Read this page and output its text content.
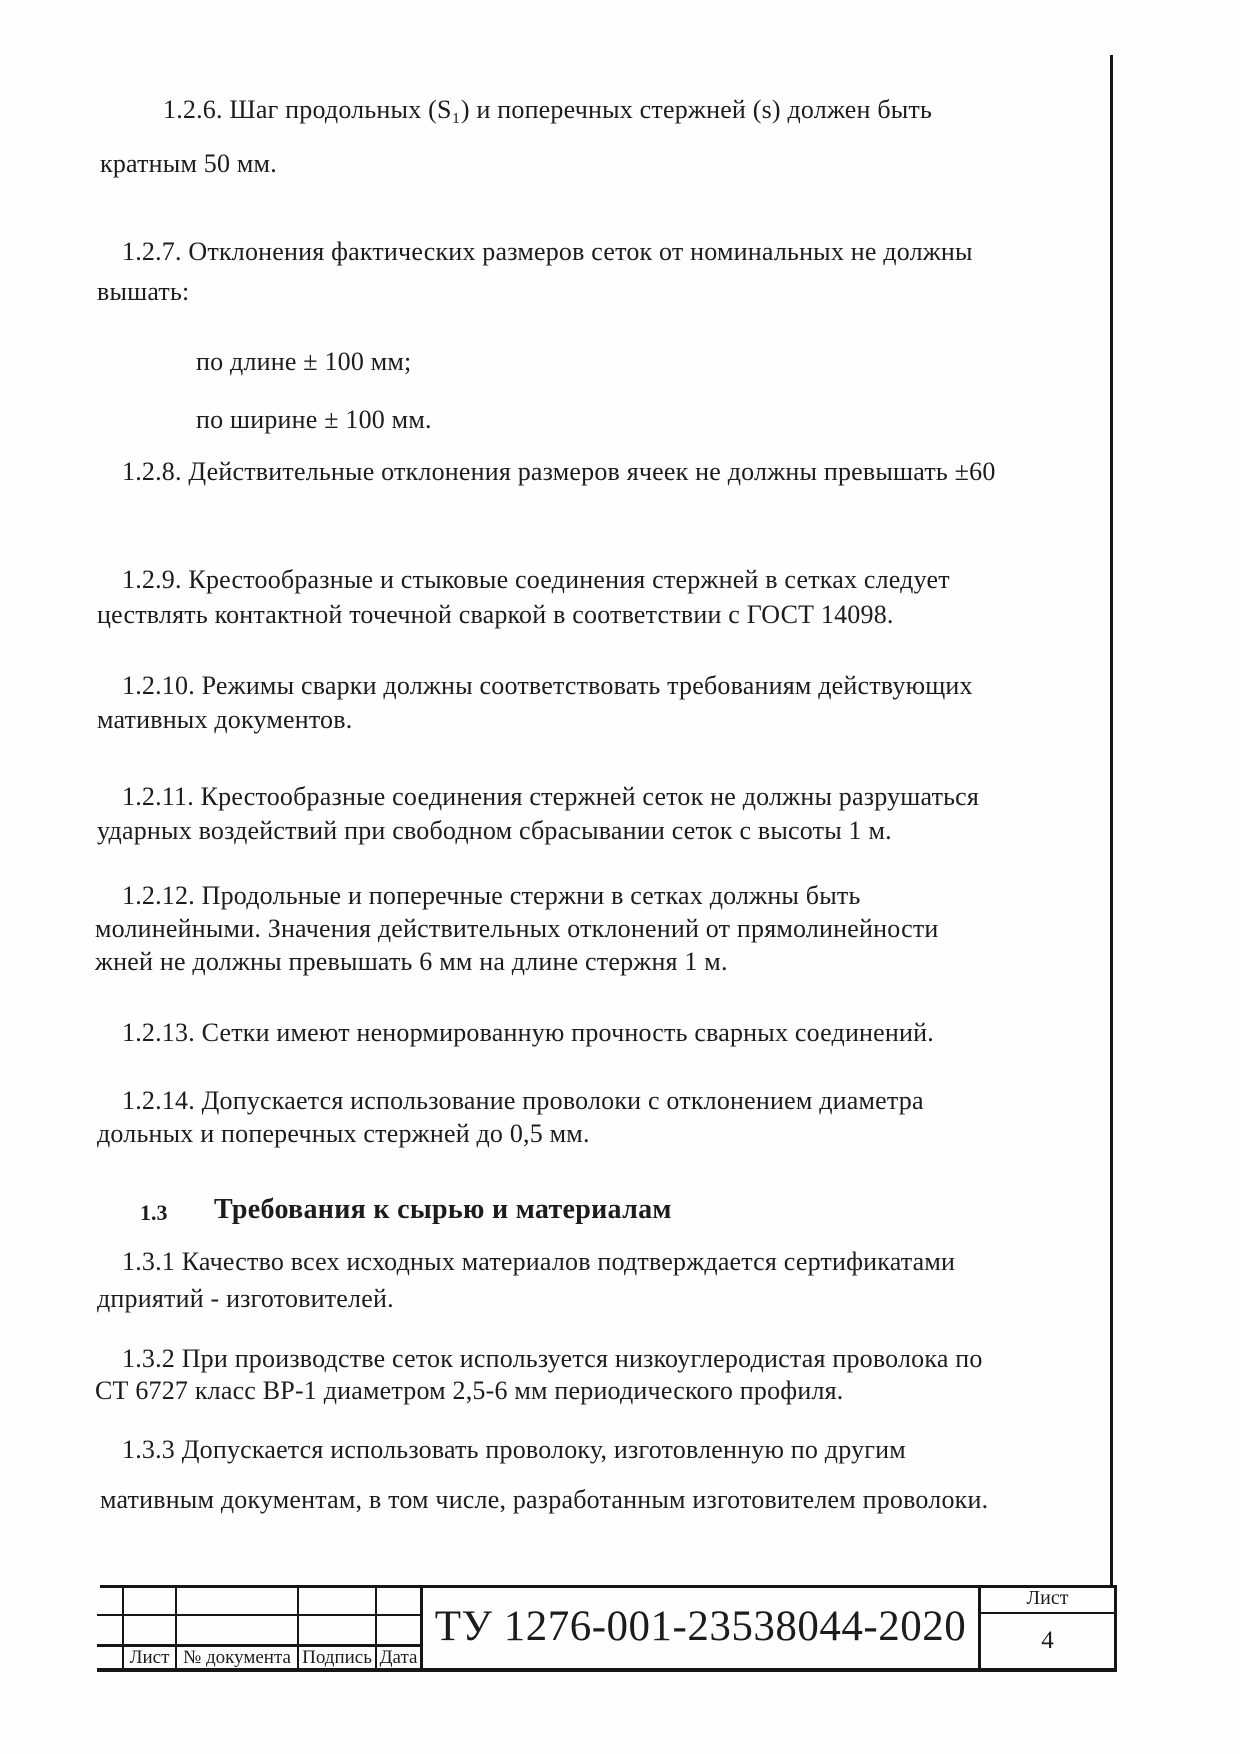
1.2.6. Шаг продольных (S₁) и поперечных стержней (s) должен быть
кратным 50 мм.
1.2.7. Отклонения фактических размеров сеток от номинальных не должны
вышать:
по длине ± 100 мм;
по ширине ± 100 мм.
1.2.8. Действительные отклонения размеров ячеек не должны превышать ±60
1.2.9. Крестообразные и стыковые соединения стержней в сетках следует
цествлять контактной точечной сваркой в соответствии с ГОСТ 14098.
1.2.10. Режимы сварки должны соответствовать требованиям действующих
мативных документов.
1.2.11. Крестообразные соединения стержней сеток не должны разрушаться
ударных воздействий при свободном сбрасывании сеток с высоты 1 м.
1.2.12. Продольные и поперечные стержни в сетках должны быть
молинейными. Значения действительных отклонений от прямолинейности
жней не должны превышать 6 мм на длине стержня 1 м.
1.2.13. Сетки имеют ненормированную прочность сварных соединений.
1.2.14. Допускается использование проволоки с отклонением диаметра
дольных и поперечных стержней до 0,5 мм.
1.3 Требования к сырью и материалам
1.3.1 Качество всех исходных материалов подтверждается сертификатами
дприятий - изготовителей.
1.3.2 При производстве сеток используется низкоуглеродистая проволока по
СТ 6727 класс ВР-1 диаметром 2,5-6 мм периодического профиля.
1.3.3 Допускается использовать проволоку, изготовленную по другим
мативным документам, в том числе, разработанным изготовителем проволоки.
Лист № документа Подпись Дата
ТУ 1276-001-23538044-2020
Лист
4
